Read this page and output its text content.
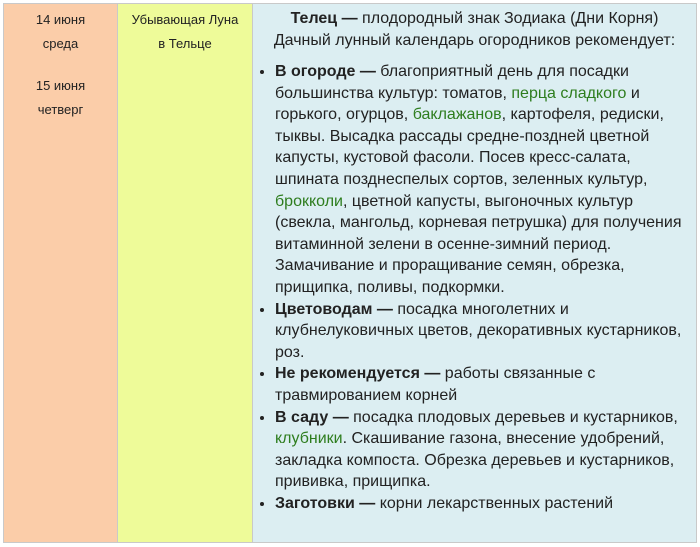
14 июня
среда
15 июня
четверг
Убывающая Луна
в Тельце
Телец — плодородный знак Зодиака (Дни Корня)
Дачный лунный календарь огородников рекомендует:
• В огороде — благоприятный день для посадки большинства культур: томатов, перца сладкого и горького, огурцов, баклажанов, картофеля, редиски, тыквы. Высадка рассады средне-поздней цветной капусты, кустовой фасоли. Посев кресс-салата, шпината позднеспелых сортов, зеленных культур, брокколи, цветной капусты, выгоночных культур (свекла, мангольд, корневая петрушка) для получения витаминной зелени в осенне-зимний период. Замачивание и проращивание семян, обрезка, прищипка, поливы, подкормки.
• Цветоводам — посадка многолетних и клубнелуковичных цветов, декоративных кустарников, роз.
• Не рекомендуется — работы связанные с травмированием корней
• В саду — посадка плодовых деревьев и кустарников, клубники. Скашивание газона, внесение удобрений, закладка компоста. Обрезка деревьев и кустарников, прививка, прищипка.
• Заготовки — корни лекарственных растений
